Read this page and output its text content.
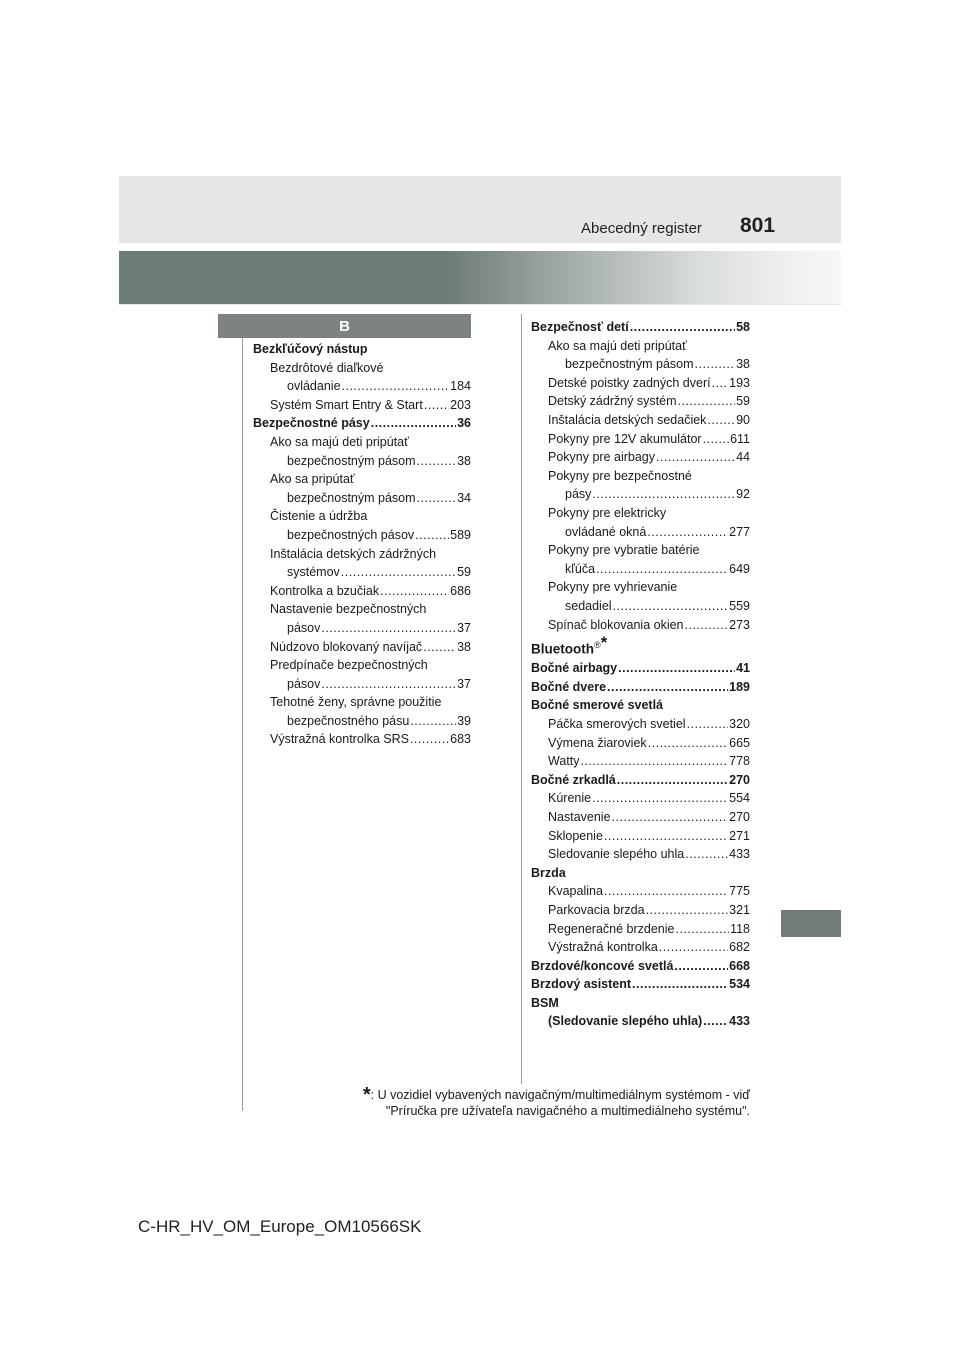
Abecedný register 801
B
Bezkľúčový nástup
Bezdrôtové diaľkové
ovládanie .....	184
Systém Smart Entry & Start ..... 203
Bezpečnostné pásy .....	36
Ako sa majú deti pripútať
bezpečnostným pásom .....	38
Ako sa pripútať
bezpečnostným pásom .....	34
Čistenie a údržba
bezpečnostných pásov .....	589
Inštalácia detských zádržných
systémov .....	59
Kontrolka a bzučiak .....	686
Nastavenie bezpečnostných
pásov .....	37
Núdzovo blokovaný navíjač .....	38
Predpínače bezpečnostných
pásov .....	37
Tehotné ženy, správne použitie
bezpečnostného pásu .....	39
Výstražná kontrolka SRS .....	683
Bezpečnosť detí .....	58
Ako sa majú deti pripútať
bezpečnostným pásom .....	38
Detské poistky zadných dverí ..... 193
Detský zádržný systém .....	59
Inštalácia detských sedačiek ..... 90
Pokyny pre 12V akumulátor ..... 611
Pokyny pre airbagy .....	44
Pokyny pre bezpečnostné
pásy .....	92
Pokyny pre elektricky
ovládané okná .....	277
Pokyny pre vybratie batérie
kľúča .....	649
Pokyny pre vyhrievanie
sedadiel .....	559
Spínač blokovania okien .....	273
Bluetooth®*
Bočné airbagy .....	41
Bočné dvere .....	189
Bočné smerové svetlá
Páčka smerových svetiel .....	320
Výmena žiaroviek .....	665
Watty .....	778
Bočné zrkadlá .....	270
Kúrenie .....	554
Nastavenie .....	270
Sklopenie .....	271
Sledovanie slepého uhla .....	433
Brzda
Kvapalina .....	775
Parkovacia brzda .....	321
Regeneračné brzdenie .....	118
Výstražná kontrolka .....	682
Brzdové/koncové svetlá .....	668
Brzdový asistent .....	534
BSM
(Sledovanie slepého uhla) ..... 433
*: U vozidiel vybavených navigačným/multimediálnym systémom - viď
"Príručka pre užívateľa navigačného a multimediálneho systému".
C-HR_HV_OM_Europe_OM10566SK
